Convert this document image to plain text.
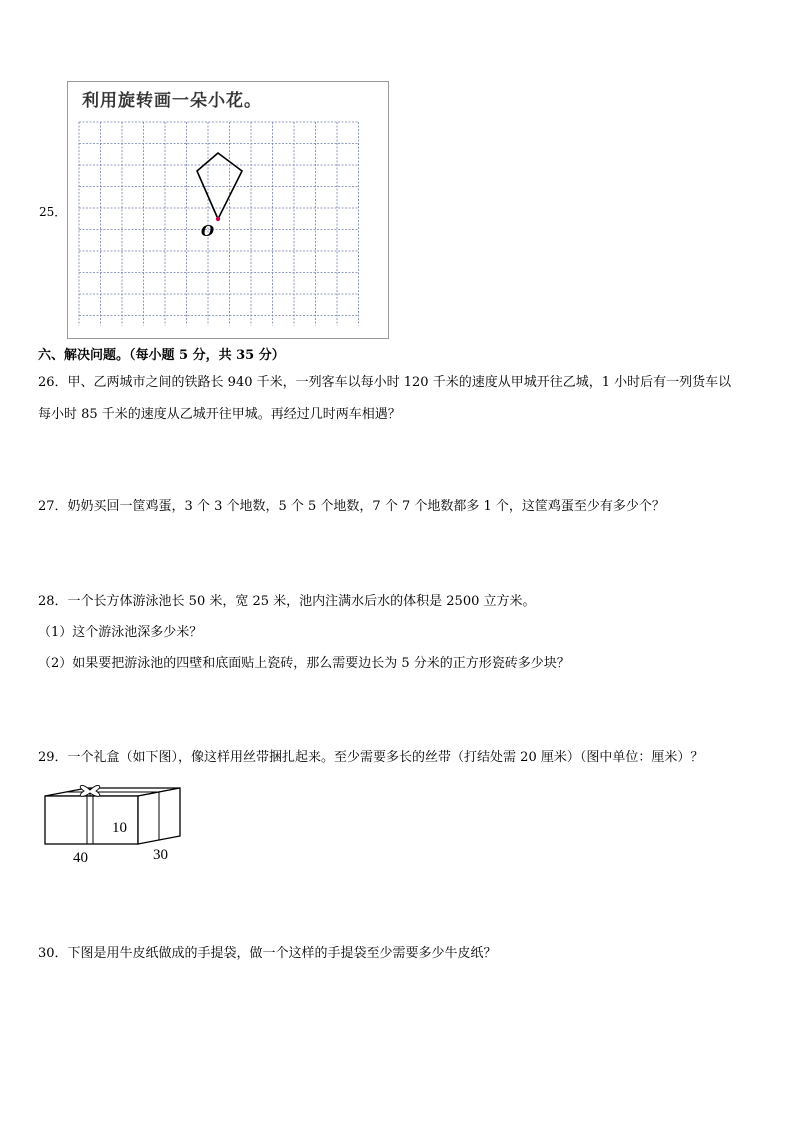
25．
利用旋转画一朵小花。
O
六、解决问题。（每小题 5 分，共 35 分）
26．甲、乙两城市之间的铁路长 940 千米，一列客车以每小时 120 千米的速度从甲城开往乙城，1 小时后有一列货车以
每小时 85 千米的速度从乙城开往甲城。再经过几时两车相遇？
27．奶奶买回一筐鸡蛋，3 个 3 个地数，5 个 5 个地数，7 个 7 个地数都多 1 个，这筐鸡蛋至少有多少个？
28．一个长方体游泳池长 50 米，宽 25 米，池内注满水后水的体积是 2500 立方米。
（1）这个游泳池深多少米？
（2）如果要把游泳池的四壁和底面贴上瓷砖，那么需要边长为 5 分米的正方形瓷砖多少块？
29．一个礼盒（如下图），像这样用丝带捆扎起来。至少需要多长的丝带（打结处需 20 厘米）（图中单位：厘米）？
10
40	30
30．下图是用牛皮纸做成的手提袋，做一个这样的手提袋至少需要多少牛皮纸？
